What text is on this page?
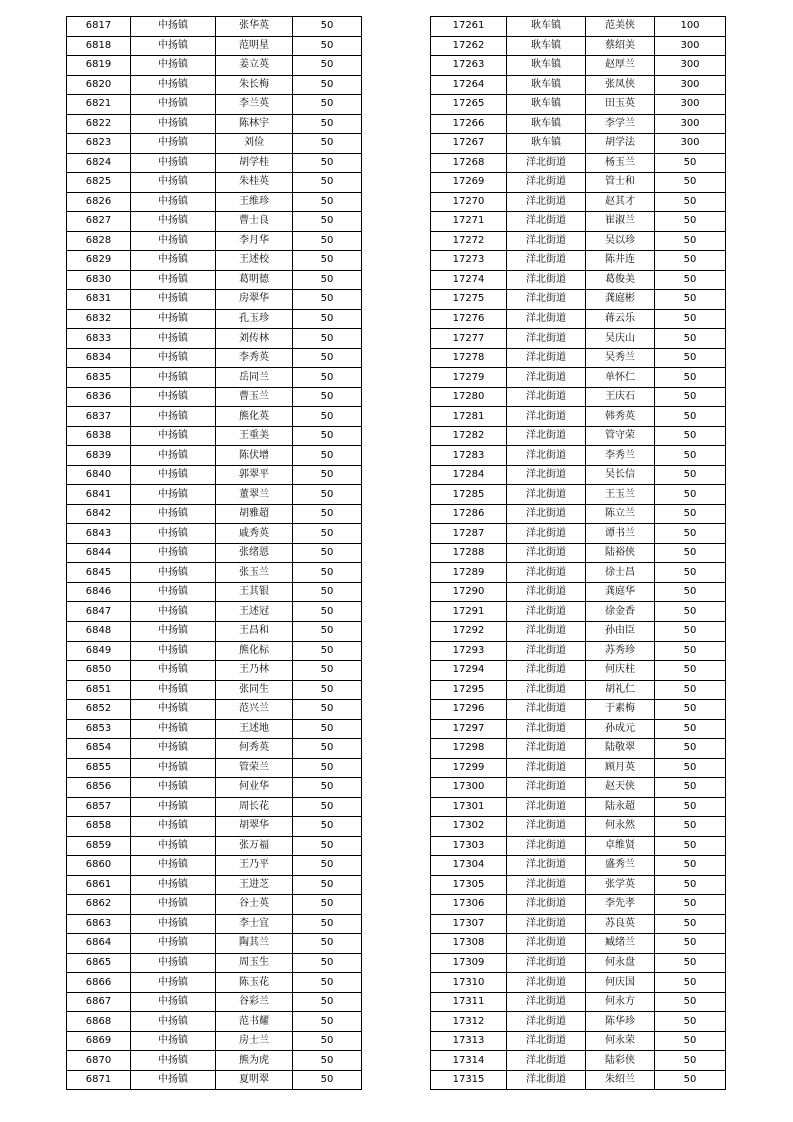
6817	中扬镇	张华英	50
6818	中扬镇	范明星	50
6819	中扬镇	姜立英	50
6820	中扬镇	朱长梅	50
6821	中扬镇	李兰英	50
6822	中扬镇	陈林宇	50
6823	中扬镇	刘俭	50
6824	中扬镇	胡学桂	50
6825	中扬镇	朱桂英	50
6826	中扬镇	王维珍	50
6827	中扬镇	曹士良	50
6828	中扬镇	李月华	50
6829	中扬镇	王述校	50
6830	中扬镇	葛明德	50
6831	中扬镇	房翠华	50
6832	中扬镇	孔玉珍	50
6833	中扬镇	刘传林	50
6834	中扬镇	李秀英	50
6835	中扬镇	岳同兰	50
6836	中扬镇	曹玉兰	50
6837	中扬镇	熊化英	50
6838	中扬镇	王重美	50
6839	中扬镇	陈伏增	50
6840	中扬镇	郭翠平	50
6841	中扬镇	董翠兰	50
6842	中扬镇	胡雅超	50
6843	中扬镇	戚秀英	50
6844	中扬镇	张绪恩	50
6845	中扬镇	张玉兰	50
6846	中扬镇	王其银	50
6847	中扬镇	王述冠	50
6848	中扬镇	王昌和	50
6849	中扬镇	熊化标	50
6850	中扬镇	王乃林	50
6851	中扬镇	张同生	50
6852	中扬镇	范兴兰	50
6853	中扬镇	王述地	50
6854	中扬镇	何秀英	50
6855	中扬镇	管荣兰	50
6856	中扬镇	何业华	50
6857	中扬镇	周长花	50
6858	中扬镇	胡翠华	50
6859	中扬镇	张万福	50
6860	中扬镇	王乃平	50
6861	中扬镇	王进芝	50
6862	中扬镇	谷士英	50
6863	中扬镇	李士宜	50
6864	中扬镇	陶其兰	50
6865	中扬镇	周玉生	50
6866	中扬镇	陈玉花	50
6867	中扬镇	谷彩兰	50
6868	中扬镇	范书耀	50
6869	中扬镇	房士兰	50
6870	中扬镇	熊为虎	50
6871	中扬镇	夏明翠	50
17261	耿车镇	范美侠	100
17262	耿车镇	蔡绍美	300
17263	耿车镇	赵厚兰	300
17264	耿车镇	张凤侠	300
17265	耿车镇	田玉英	300
17266	耿车镇	李学兰	300
17267	耿车镇	胡学法	300
17268	洋北街道	杨玉兰	50
17269	洋北街道	管士和	50
17270	洋北街道	赵其才	50
17271	洋北街道	崔淑兰	50
17272	洋北街道	吴以珍	50
17273	洋北街道	陈井连	50
17274	洋北街道	葛俊美	50
17275	洋北街道	龚庭彬	50
17276	洋北街道	蒋云乐	50
17277	洋北街道	吴庆山	50
17278	洋北街道	吴秀兰	50
17279	洋北街道	单怀仁	50
17280	洋北街道	王庆石	50
17281	洋北街道	韩秀英	50
17282	洋北街道	管守荣	50
17283	洋北街道	李秀兰	50
17284	洋北街道	吴长信	50
17285	洋北街道	王玉兰	50
17286	洋北街道	陈立兰	50
17287	洋北街道	谭书兰	50
17288	洋北街道	陆裕侠	50
17289	洋北街道	徐士昌	50
17290	洋北街道	龚庭华	50
17291	洋北街道	徐金香	50
17292	洋北街道	孙由臣	50
17293	洋北街道	苏秀珍	50
17294	洋北街道	何庆柱	50
17295	洋北街道	胡礼仁	50
17296	洋北街道	于素梅	50
17297	洋北街道	孙成元	50
17298	洋北街道	陆敬翠	50
17299	洋北街道	顾月英	50
17300	洋北街道	赵天侠	50
17301	洋北街道	陆永超	50
17302	洋北街道	何永然	50
17303	洋北街道	卓维贤	50
17304	洋北街道	盛秀兰	50
17305	洋北街道	张学英	50
17306	洋北街道	李先孝	50
17307	洋北街道	苏良英	50
17308	洋北街道	臧绪兰	50
17309	洋北街道	何永盘	50
17310	洋北街道	何庆国	50
17311	洋北街道	何永方	50
17312	洋北街道	陈华珍	50
17313	洋北街道	何永荣	50
17314	洋北街道	陆彩侠	50
17315	洋北街道	朱绍兰	50
